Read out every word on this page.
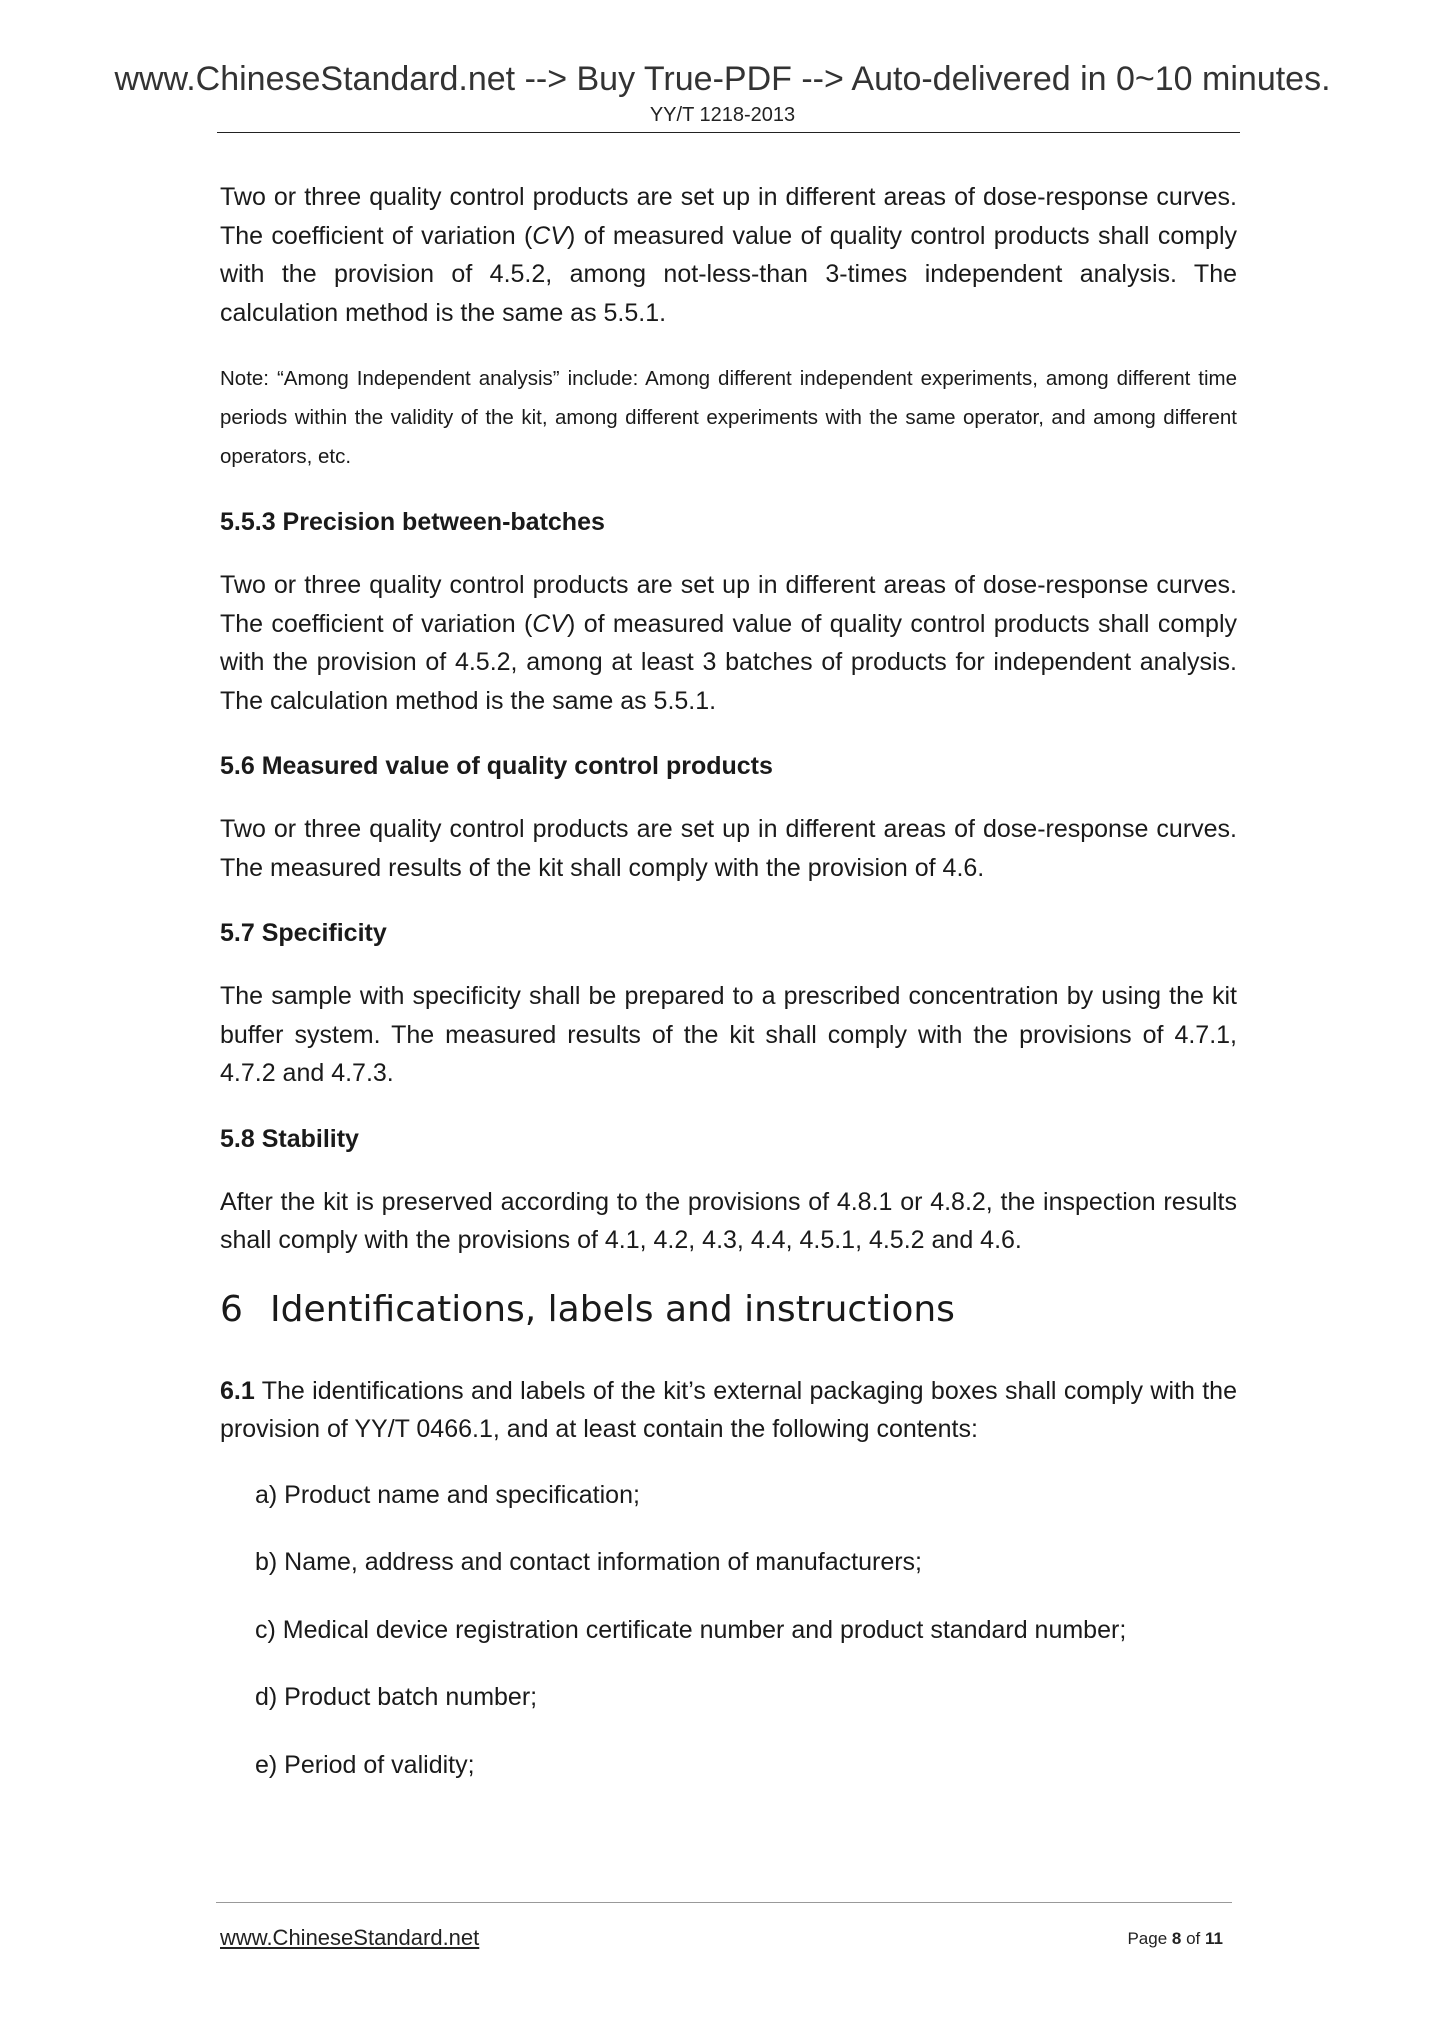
www.ChineseStandard.net --> Buy True-PDF --> Auto-delivered in 0~10 minutes.
YY/T 1218-2013

Two or three quality control products are set up in different areas of dose-response curves. The coefficient of variation (CV) of measured value of quality control products shall comply with the provision of 4.5.2, among not-less-than 3-times independent analysis. The calculation method is the same as 5.5.1.

Note: “Among Independent analysis” include: Among different independent experiments, among different time periods within the validity of the kit, among different experiments with the same operator, and among different operators, etc.

5.5.3 Precision between-batches

Two or three quality control products are set up in different areas of dose-response curves. The coefficient of variation (CV) of measured value of quality control products shall comply with the provision of 4.5.2, among at least 3 batches of products for independent analysis. The calculation method is the same as 5.5.1.

5.6 Measured value of quality control products

Two or three quality control products are set up in different areas of dose-response curves. The measured results of the kit shall comply with the provision of 4.6.

5.7 Specificity

The sample with specificity shall be prepared to a prescribed concentration by using the kit buffer system. The measured results of the kit shall comply with the provisions of 4.7.1, 4.7.2 and 4.7.3.

5.8 Stability

After the kit is preserved according to the provisions of 4.8.1 or 4.8.2, the inspection results shall comply with the provisions of 4.1, 4.2, 4.3, 4.4, 4.5.1, 4.5.2 and 4.6.

6 Identifications, labels and instructions

6.1 The identifications and labels of the kit’s external packaging boxes shall comply with the provision of YY/T 0466.1, and at least contain the following contents:

a) Product name and specification;
b) Name, address and contact information of manufacturers;
c) Medical device registration certificate number and product standard number;
d) Product batch number;
e) Period of validity;
www.ChineseStandard.net	Page 8 of 11
